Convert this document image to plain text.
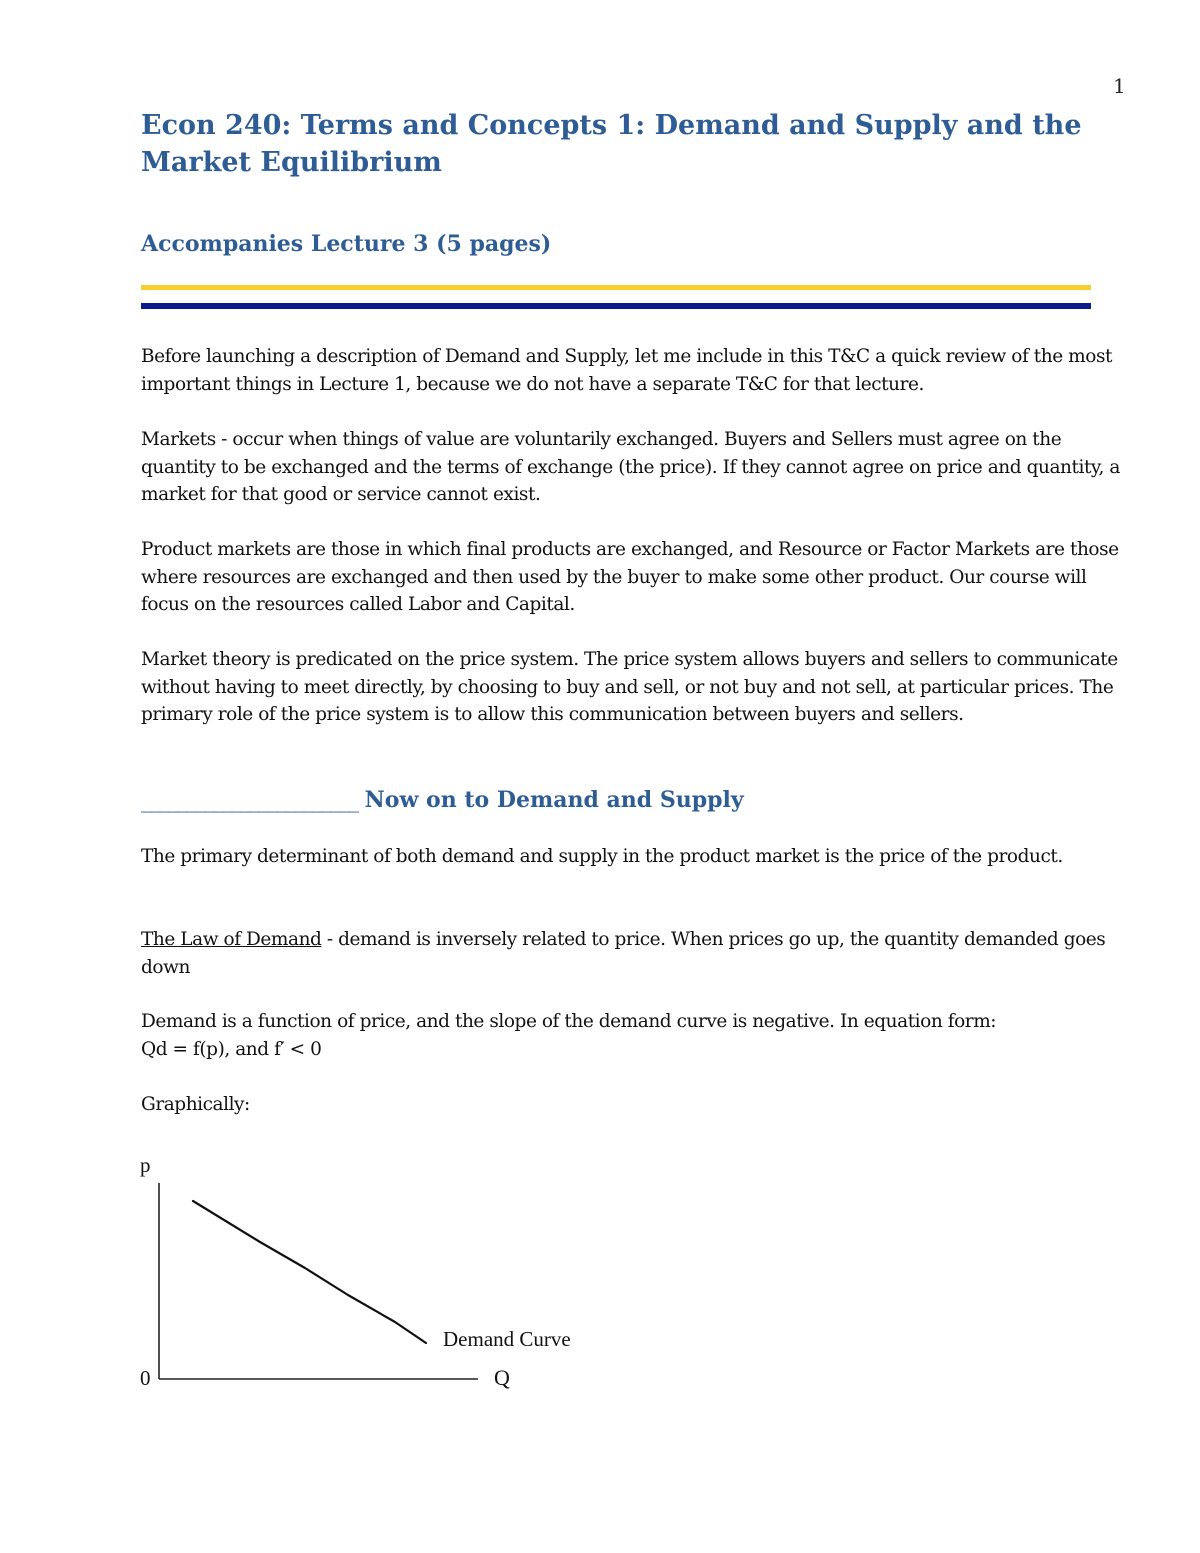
1
Econ 240: Terms and Concepts 1: Demand and Supply and the Market Equilibrium
Accompanies Lecture 3 (5 pages)

Before launching a description of Demand and Supply, let me include in this T&C a quick review of the most important things in Lecture 1, because we do not have a separate T&C for that lecture.

Markets - occur when things of value are voluntarily exchanged. Buyers and Sellers must agree on the quantity to be exchanged and the terms of exchange (the price). If they cannot agree on price and quantity, a market for that good or service cannot exist.

Product markets are those in which final products are exchanged, and Resource or Factor Markets are those where resources are exchanged and then used by the buyer to make some other product. Our course will focus on the resources called Labor and Capital.

Market theory is predicated on the price system. The price system allows buyers and sellers to communicate without having to meet directly, by choosing to buy and sell, or not buy and not sell, at particular prices. The primary role of the price system is to allow this communication between buyers and sellers.

________________________ Now on to Demand and Supply

The primary determinant of both demand and supply in the product market is the price of the product.

The Law of Demand - demand is inversely related to price. When prices go up, the quantity demanded goes down

Demand is a function of price, and the slope of the demand curve is negative. In equation form:
Qd = f(p), and f′ < 0

Graphically:

p
0	Q
Demand Curve
